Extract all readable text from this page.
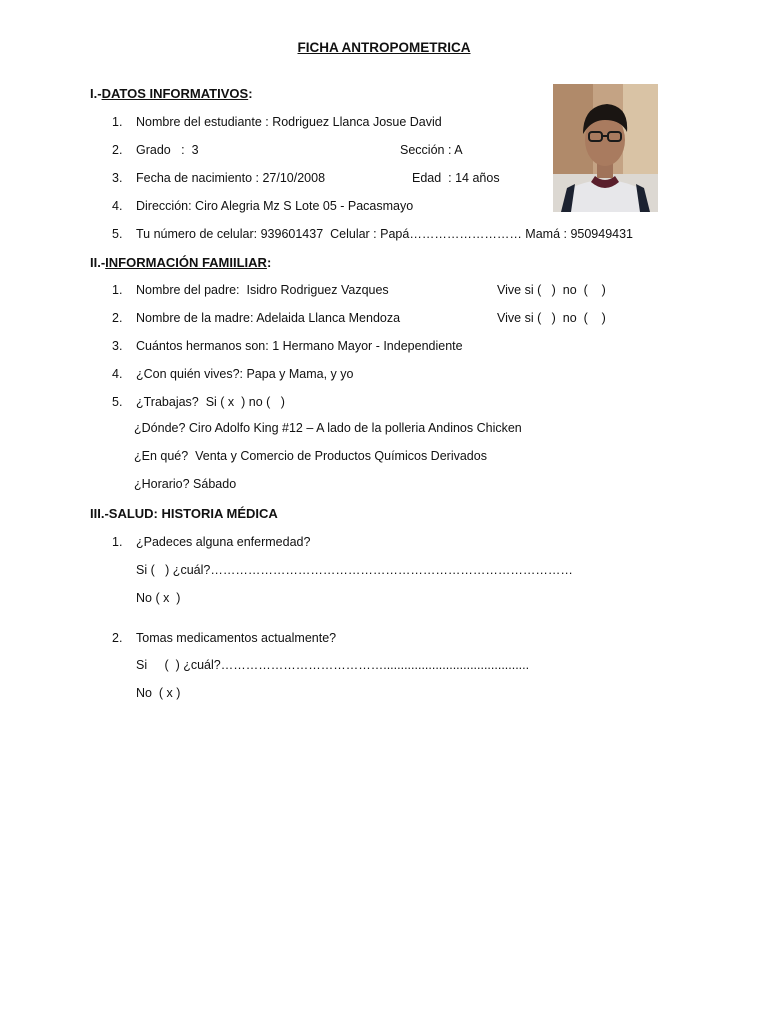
FICHA ANTROPOMETRICA
I.-DATOS INFORMATIVOS:
1.	Nombre del estudiante : Rodriguez Llanca Josue David
2.	Grado   :  3	Sección : A
3.	Fecha de nacimiento : 27/10/2008	Edad  : 14 años
4.	Dirección: Ciro Alegria Mz S Lote 05 - Pacasmayo
5.	Tu número de celular: 939601437  Celular : Papá……………………… Mamá : 950949431
II.-INFORMACIÓN FAMIILIAR:
1.	Nombre del padre:  Isidro Rodriguez Vazques	Vive si (   )  no  (    )
2.	Nombre de la madre: Adelaida Llanca Mendoza	Vive si (   )  no  (    )
3.	Cuántos hermanos son: 1 Hermano Mayor - Independiente
4.	¿Con quién vives?: Papa y Mama, y yo
5.	¿Trabajas?  Si ( x  ) no (   )
¿Dónde? Ciro Adolfo King #12 – A lado de la polleria Andinos Chicken
¿En qué?  Venta y Comercio de Productos Químicos Derivados
¿Horario? Sábado
III.-SALUD: HISTORIA MÉDICA
1.	¿Padeces alguna enfermedad?
Si (   ) ¿cuál?……………………………………………………………………………
No ( x  )
2.	Tomas medicamentos actualmente?
Si     (  ) ¿cuál?…………………………………..........................................
No  ( x )
